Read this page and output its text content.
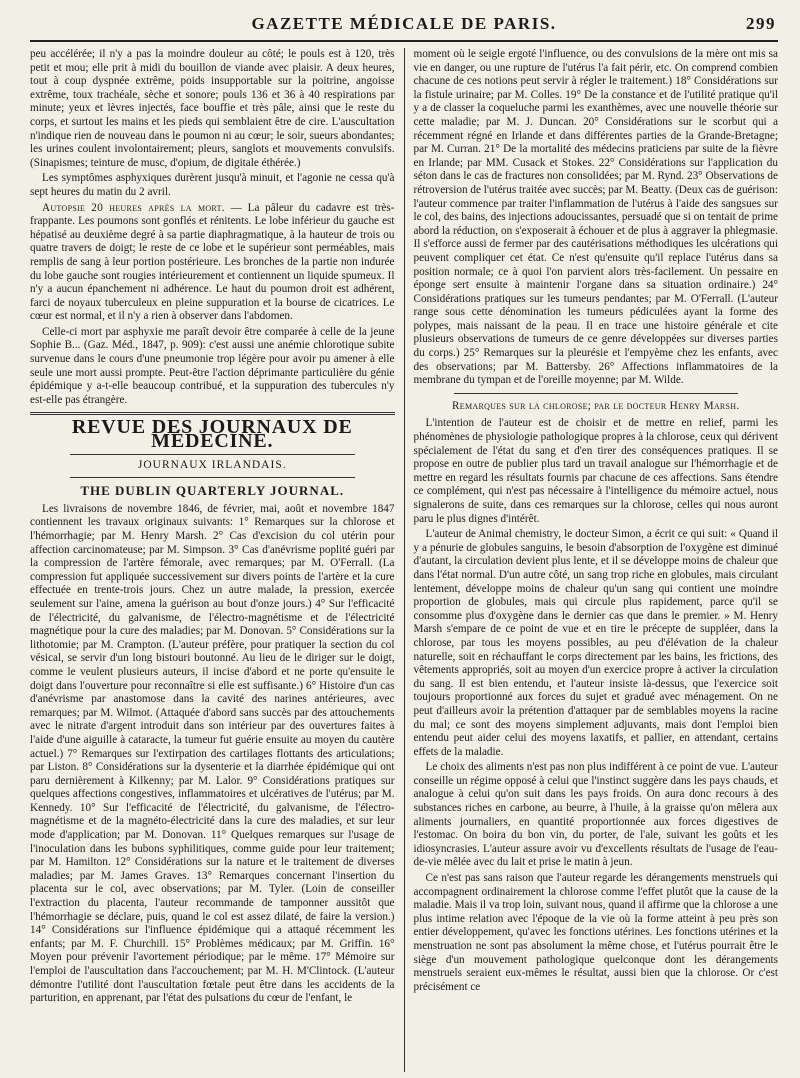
GAZETTE MÉDICALE DE PARIS.	299

peu accélérée; il n'y a pas la moindre douleur au côté; le pouls est à 120, très petit et mou; elle prit à midi du bouillon de viande avec plaisir. A deux heures, tout à coup dyspnée extrême, poids insupportable sur la poitrine, angoisse extrême, toux trachéale, sèche et sonore; pouls 136 et 36 à 40 respirations par minute; yeux et lèvres injectés, face bouffie et très pâle, ainsi que le reste du corps, et surtout les mains et les pieds qui semblaient être de cire. L'auscultation n'indique rien de nouveau dans le poumon ni au cœur; le soir, sueurs abondantes; les urines coulent involontairement; pleurs, sanglots et mouvements convulsifs. (Sinapismes; teinture de musc, d'opium, de digitale éthérée.)

Les symptômes asphyxiques durèrent jusqu'à minuit, et l'agonie ne cessa qu'à sept heures du matin du 2 avril.

Autopsie 20 heures après la mort. — La pâleur du cadavre est très-frappante. Les poumons sont gonflés et rénitents. Le lobe inférieur du gauche est hépatisé au deuxième degré à sa partie diaphragmatique, à la hauteur de trois ou quatre travers de doigt; le reste de ce lobe et le supérieur sont perméables, mais remplis de sang à leur portion postérieure. Les bronches de la partie non indurée du lobe gauche sont rougies intérieurement et contiennent un liquide spumeux. Il n'y a aucun épanchement ni adhérence. Le haut du poumon droit est adhérent, farci de noyaux tuberculeux en pleine suppuration et la bourse de cicatrices. Le cœur est normal, et il n'y a rien à observer dans l'abdomen.

Celle-ci mort par asphyxie me paraît devoir être comparée à celle de la jeune Sophie B... (Gaz. Méd., 1847, p. 909): c'est aussi une anémie chlorotique subite survenue dans le cours d'une pneumonie trop légère pour avoir pu amener à elle seule une mort aussi prompte. Peut-être l'action déprimante particulière du génie épidémique y a-t-elle beaucoup contribué, et la suppuration des tubercules n'y est-elle pas étrangère.

REVUE DES JOURNAUX DE MÉDECINE.
JOURNAUX IRLANDAIS.
THE DUBLIN QUARTERLY JOURNAL.

Les livraisons de novembre 1846, de février, mai, août et novembre 1847 contiennent les travaux originaux suivants: 1° Remarques sur la chlorose et l'hémorrhagie; par M. Henry Marsh. 2° Cas d'excision du col utérin pour affection carcinomateuse; par M. Simpson. 3° Cas d'anévrisme poplité guéri par la compression de l'artère fémorale, avec remarques; par M. O'Ferrall. (La compression fut appliquée successivement sur divers points de l'artère et la cure effectuée en trente-trois jours. Chez un autre malade, la pression, exercée seulement sur l'aine, amena la guérison au bout d'onze jours.) 4° Sur l'efficacité de l'électricité, du galvanisme, de l'électro-magnétisme et de l'électricité magnétique pour la cure des maladies; par M. Donovan. 5° Considérations sur la lithotomie; par M. Crampton. (L'auteur préfère, pour pratiquer la section du col vésical, se servir d'un long bistouri boutonné. Au lieu de le diriger sur le doigt, comme le veulent plusieurs auteurs, il incise d'abord et ne porte qu'ensuite le doigt dans l'ouverture pour reconnaître si elle est suffisante.) 6° Histoire d'un cas d'anévrisme par anastomose dans la cavité des narines antérieures, avec remarques; par M. Wilmot. (Attaquée d'abord sans succès par des attouchements avec le nitrate d'argent introduit dans son intérieur par des ouvertures faites à l'aide d'une aiguille à cataracte, la tumeur fut guérie ensuite au moyen du cautère actuel.) 7° Remarques sur l'extirpation des cartilages flottants des articulations; par Liston. 8° Considérations sur la dysenterie et la diarrhée épidémique qui ont paru dernièrement à Kilkenny; par M. Lalor. 9° Considérations pratiques sur quelques affections congestives, inflammatoires et ulcératives de l'utérus; par M. Kennedy. 10° Sur l'efficacité de l'électricité, du galvanisme, de l'électro-magnétisme et de la magnéto-électricité dans la cure des maladies, et sur leur mode d'application; par M. Donovan. 11° Quelques remarques sur l'usage de l'inoculation dans les bubons syphilitiques, comme guide pour leur traitement; par M. Hamilton. 12° Considérations sur la nature et le traitement de diverses maladies; par M. James Graves. 13° Remarques concernant l'insertion du placenta sur le col, avec observations; par M. Tyler. (Loin de conseiller l'extraction du placenta, l'auteur recommande de tamponner aussitôt que l'hémorrhagie se déclare, puis, quand le col est assez dilaté, de faire la version.) 14° Considérations sur l'influence épidémique qui a attaqué récemment les enfants; par M. F. Churchill. 15° Problèmes médicaux; par M. Griffin. 16° Moyen pour prévenir l'avortement périodique; par le même. 17° Mémoire sur l'emploi de l'auscultation dans l'accouchement; par M. H. M'Clintock. (L'auteur démontre l'utilité dont l'auscultation fœtale peut être dans les accidents de la parturition, en apprenant, par l'état des pulsations du cœur de l'enfant, le

moment où le seigle ergoté l'influence, ou des convulsions de la mère ont mis sa vie en danger, ou une rupture de l'utérus l'a fait périr, etc. On comprend combien chacune de ces notions peut servir à régler le traitement.) 18° Considérations sur la fistule urinaire; par M. Colles. 19° De la constance et de l'utilité pratique qu'il y a de classer la coqueluche parmi les exanthèmes, avec une nouvelle théorie sur cette maladie; par M. J. Duncan. 20° Considérations sur le scorbut qui a récemment régné en Irlande et dans différentes parties de la Grande-Bretagne; par M. Curran. 21° De la mortalité des médecins praticiens par suite de la fièvre en Irlande; par MM. Cusack et Stokes. 22° Considérations sur l'application du séton dans le cas de fractures non consolidées; par M. Rynd. 23° Observations de rétroversion de l'utérus traitée avec succès; par M. Beatty. (Deux cas de guérison: l'auteur commence par traiter l'inflammation de l'utérus à l'aide des sangsues sur le col, des bains, des injections adoucissantes, persuadé que si on tentait de prime abord la réduction, on s'exposerait à échouer et de plus à aggraver la phlegmasie. Il s'efforce aussi de fermer par des cautérisations méthodiques les ulcérations qui peuvent compliquer cet état. Ce n'est qu'ensuite qu'il replace l'utérus dans sa position normale; ce à quoi l'on parvient alors très-facilement. Un pessaire en éponge sert ensuite à maintenir l'organe dans sa situation ordinaire.) 24° Considérations pratiques sur les tumeurs pendantes; par M. O'Ferrall. (L'auteur range sous cette dénomination les tumeurs pédiculées ayant la forme des polypes, mais naissant de la peau. Il en trace une histoire générale et cite plusieurs observations de tumeurs de ce genre développées sur diverses parties du corps.) 25° Remarques sur la pleurésie et l'empyème chez les enfants, avec des observations; par M. Battersby. 26° Affections inflammatoires de la membrane du tympan et de l'oreille moyenne; par M. Wilde.

Remarques sur la chlorose; par le docteur Henry Marsh.

L'intention de l'auteur est de choisir et de mettre en relief, parmi les phénomènes de physiologie pathologique propres à la chlorose, ceux qui dérivent spécialement de l'état du sang et d'en tirer des conséquences pratiques. Il se propose en outre de publier plus tard un travail analogue sur l'hémorrhagie et de mettre en regard les résultats fournis par chacune de ces affections. Sans étendre ce complément, qui n'est pas nécessaire à l'intelligence du mémoire actuel, nous signalerons de suite, dans ces remarques sur la chlorose, celles qui nous auront paru le plus dignes d'intérêt.

L'auteur de Animal chemistry, le docteur Simon, a écrit ce qui suit: « Quand il y a pénurie de globules sanguins, le besoin d'absorption de l'oxygène est diminué d'autant, la circulation devient plus lente, et il se développe moins de chaleur que dans l'état normal. D'un autre côté, un sang trop riche en globules, mais circulant lentement, développe moins de chaleur qu'un sang qui contient une moindre proportion de globules, mais qui circule plus rapidement, parce qu'il se consomme plus d'oxygène dans le dernier cas que dans le premier. » M. Henry Marsh s'empare de ce point de vue et en tire le précepte de suppléer, dans la chlorose, par tous les moyens possibles, au peu d'élévation de la chaleur naturelle, soit en réchauffant le corps directement par les bains, les frictions, des vêtements appropriés, soit au moyen d'un exercice propre à activer la circulation du sang. Il est bien entendu, et l'auteur insiste là-dessus, que l'exercice soit toujours proportionné aux forces du sujet et gradué avec ménagement. On ne peut d'ailleurs avoir la prétention d'attaquer par de semblables moyens la racine du mal; ce sont des moyens simplement adjuvants, mais dont l'emploi bien entendu peut aider celui des moyens laxatifs, et pallier, en attendant, certains effets de la maladie.

Le choix des aliments n'est pas non plus indifférent à ce point de vue. L'auteur conseille un régime opposé à celui que l'instinct suggère dans les pays chauds, et analogue à celui qu'on suit dans les pays froids. On aura donc recours à des substances riches en carbone, au beurre, à l'huile, à la graisse qu'on mêlera aux aliments journaliers, en quantité proportionnée aux forces digestives de l'estomac. On boira du bon vin, du porter, de l'ale, suivant les goûts et les idiosyncrasies. L'auteur assure avoir vu d'excellents résultats de l'usage de l'eau-de-vie mêlée avec du lait et prise le matin à jeun.

Ce n'est pas sans raison que l'auteur regarde les dérangements menstruels qui accompagnent ordinairement la chlorose comme l'effet plutôt que la cause de la maladie. Mais il va trop loin, suivant nous, quand il affirme que la chlorose a une plus intime relation avec l'époque de la vie où la forme atteint à peu près son entier développement, qu'avec les fonctions utérines. Les fonctions utérines et la menstruation ne sont pas absolument la même chose, et l'utérus pourrait être le siège d'un mouvement pathologique quelconque dont les dérangements menstruels seraient eux-mêmes le résultat, aussi bien que la chlorose. Or c'est précisément ce
